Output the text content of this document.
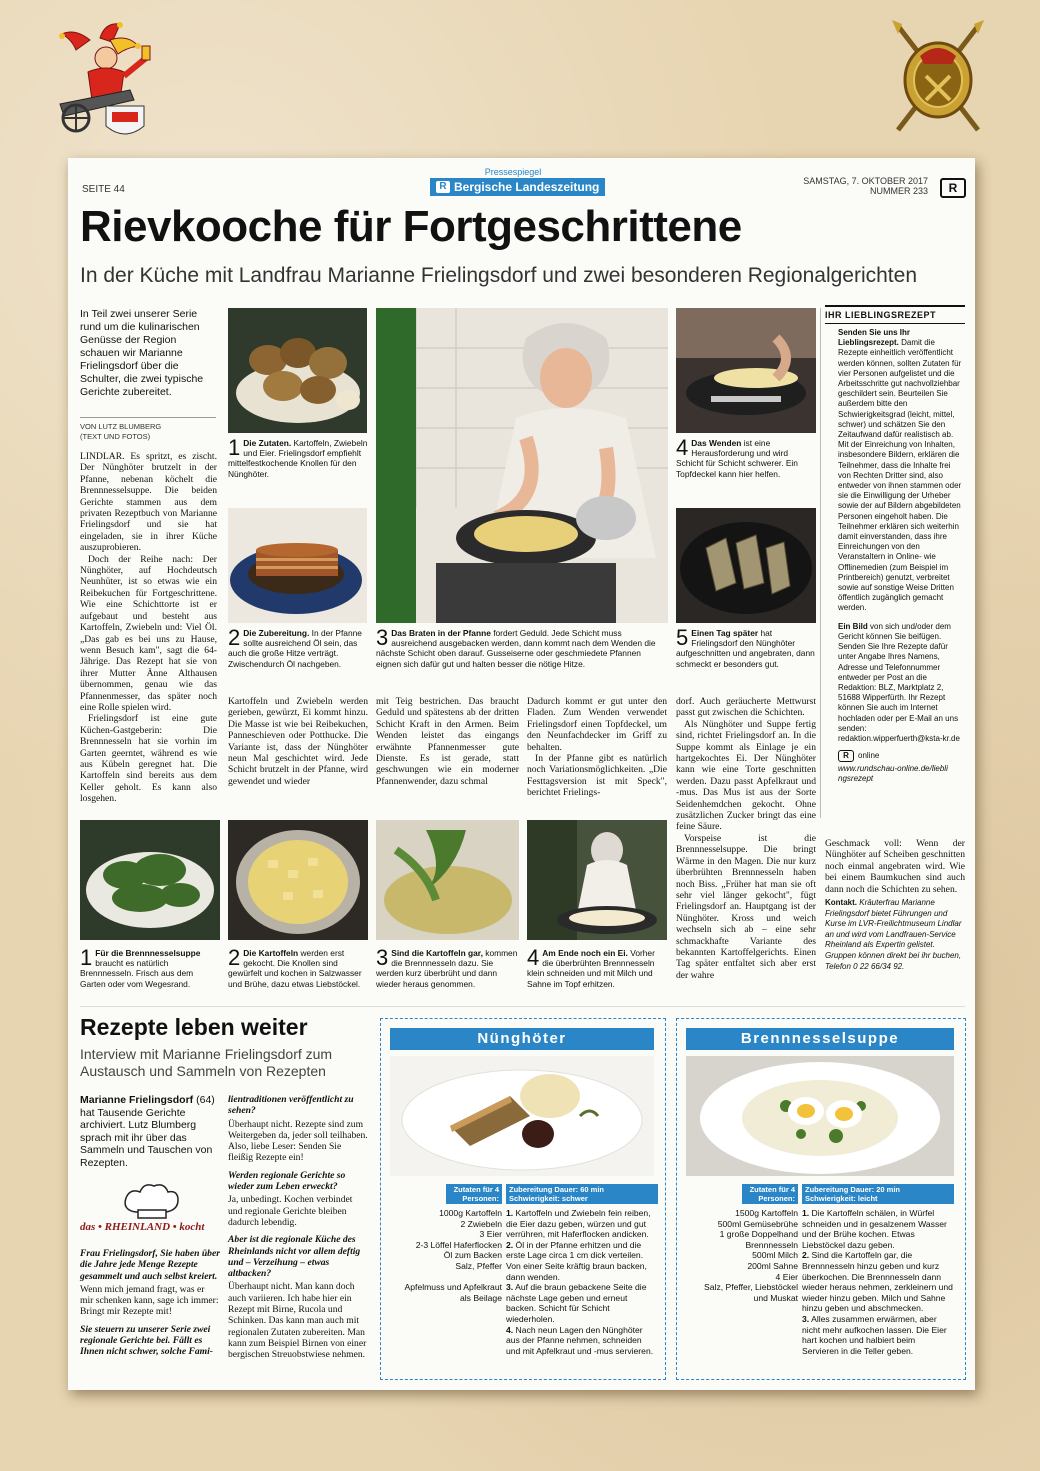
SEITE 44
Pressespiegel
R Bergische Landeszeitung	SAMSTAG, 7. OKTOBER 2017
NUMMER 233	R
Rievkooche für Fortgeschrittene
In der Küche mit Landfrau Marianne Frielingsdorf und zwei besonderen Regionalgerichten
In Teil zwei unserer Serie rund um die kulinarischen Genüsse der Region schauen wir Marianne Frielingsdorf über die Schulter, die zwei typische Gerichte zubereitet.
VON LUTZ BLUMBERG
(TEXT UND FOTOS)

LINDLAR. Es spritzt, es zischt. Der Nünghöter brutzelt in der Pfanne, nebenan köchelt die Brennnesselsuppe. Die beiden Gerichte stammen aus dem privaten Rezeptbuch von Marianne Frielingsdorf und sie hat eingeladen, sie in ihrer Küche auszuprobieren.

Doch der Reihe nach: Der Nünghöter, auf Hochdeutsch Neunhüter, ist so etwas wie ein Reibekuchen für Fortgeschrittene. Wie eine Schichttorte ist er aufgebaut und besteht aus Kartoffeln, Zwiebeln und: Viel Öl. „Das gab es bei uns zu Hause, wenn Besuch kam", sagt die 64-Jährige. Das Rezept hat sie von ihrer Mutter Änne Althausen übernommen, genau wie das Pfannenmesser, das später noch eine Rolle spielen wird.

Frielingsdorf ist eine gute Küchen-Gastgeberin: Die Brennnesseln hat sie vorhin im Garten geerntet, während es wie aus Kübeln geregnet hat. Die Kartoffeln sind bereits aus dem Keller geholt. Es kann also losgehen.

1 Die Zutaten. Kartoffeln, Zwiebeln und Eier. Frielingsdorf empfiehlt mittelfestkochende Knollen für den Nünghöter.
2 Die Zubereitung. In der Pfanne sollte ausreichend Öl sein, das auch die große Hitze verträgt. Zwischendurch Öl nachgeben.
3 Das Braten in der Pfanne fordert Geduld. Jede Schicht muss ausreichend ausgebacken werden, dann kommt nach dem Wenden die nächste Schicht oben darauf. Gusseiserne oder geschmiedete Pfannen eignen sich dafür gut und halten besser die nötige Hitze.
4 Das Wenden ist eine Herausforderung und wird Schicht für Schicht schwerer. Ein Topfdeckel kann hier helfen.
5 Einen Tag später hat Frielingsdorf den Nünghöter aufgeschnitten und angebraten, dann schmeckt er besonders gut.

Kartoffeln und Zwiebeln werden gerieben, gewürzt, Ei kommt hinzu. Die Masse ist wie bei Reibekuchen, Panneschieven oder Potthucke. Die Variante ist, dass der Nünghöter neun Mal geschichtet wird. Jede Schicht brutzelt in der Pfanne, wird gewendet und wieder

mit Teig bestrichen. Das braucht Geduld und spätestens ab der dritten Schicht Kraft in den Armen. Beim Wenden leistet das eingangs erwähnte Pfannenmesser gute Dienste. Es ist gerade, statt geschwungen wie ein moderner Pfannenwender, dazu schmal

Dadurch kommt er gut unter den Fladen. Zum Wenden verwendet Frielingsdorf einen Topfdeckel, um den Neunfachdecker im Griff zu behalten.

In der Pfanne gibt es natürlich noch Variationsmöglichkeiten. „Die Festtagsversion ist mit Speck", berichtet Frielings-

dorf. Auch geräucherte Mettwurst passt gut zwischen die Schichten.

Als Nünghöter und Suppe fertig sind, richtet Frielingsdorf an. In die Suppe kommt als Einlage je ein hartgekochtes Ei. Der Nünghöter kann wie eine Torte geschnitten werden. Dazu passt Apfelkraut und -mus. Das Mus ist aus der Sorte Seidenhemdchen gekocht. Ohne zusätzlichen Zucker bringt das eine feine Säure.

Vorspeise ist die Brennnesselsuppe. Die bringt Wärme in den Magen. Die nur kurz überbrühten Brennnesseln haben noch Biss. „Früher hat man sie oft sehr viel länger gekocht", fügt Frielingsdorf an. Hauptgang ist der Nünghöter. Kross und weich wechseln sich ab – eine sehr schmackhafte Variante des bekannten Kartoffelgerichts. Einen Tag später entfaltet sich aber erst der wahre

1 Für die Brennnesselsuppe braucht es natürlich Brennnesseln. Frisch aus dem Garten oder vom Wegesrand.
2 Die Kartoffeln werden erst gekocht. Die Knollen sind gewürfelt und kochen in Salzwasser und Brühe, dazu etwas Liebstöckel.
3 Sind die Kartoffeln gar, kommen die Brennnesseln dazu. Sie werden kurz überbrüht und dann wieder heraus genommen.
4 Am Ende noch ein Ei. Vorher die überbrühten Brennnesseln klein schneiden und mit Milch und Sahne im Topf erhitzen.

Geschmack voll: Wenn der Nünghöter auf Scheiben geschnitten noch einmal angebraten wird. Wie bei einem Baumkuchen sind auch dann noch die Schichten zu sehen.

Kontakt. Kräuterfrau Marianne Frielingsdorf bietet Führungen und Kurse im LVR-Freilichtmuseum Lindlar an und wird vom Landfrauen-Service Rheinland als Expertin gelistet. Gruppen können direkt bei ihr buchen, Telefon 0 22 66/34 92.
IHR LIEBLINGSREZEPT
Senden Sie uns Ihr Lieblingsrezept. Damit die Rezepte einheitlich veröffentlicht werden können, sollten Zutaten für vier Personen aufgelistet und die Arbeitsschritte gut nachvollziehbar geschildert sein. Beurteilen Sie außerdem bitte den Schwierigkeitsgrad (leicht, mittel, schwer) und schätzen Sie den Zeitaufwand dafür realistisch ab. Mit der Einreichung von Inhalten, insbesondere Bildern, erklären die Teilnehmer, dass die Inhalte frei von Rechten Dritter sind, also entweder von ihnen stammen oder sie die Einwilligung der Urheber sowie der auf Bildern abgebildeten Personen eingeholt haben. Die Teilnehmer erklären sich weiterhin damit einverstanden, dass ihre Einreichungen von den Veranstaltern in Online- wie Offlinemedien (zum Beispiel im Printbereich) genutzt, verbreitet sowie auf sonstige Weise Dritten öffentlich zugänglich gemacht werden.
Ein Bild von sich und/oder dem Gericht können Sie beifügen. Senden Sie Ihre Rezepte dafür unter Angabe Ihres Namens, Adresse und Telefonnummer entweder per Post an die Redaktion: BLZ, Marktplatz 2, 51688 Wipperfürth. Ihr Rezept können Sie auch im Internet hochladen oder per E-Mail an uns senden: redaktion.wipperfuerth@ksta-kr.de
R	online
www.rundschau-online.de/lieblingsrezept
Rezepte leben weiter
Interview mit Marianne Frielingsdorf zum Austausch und Sammeln von Rezepten

Marianne Frielingsdorf (64) hat Tausende Gerichte archiviert. Lutz Blumberg sprach mit ihr über das Sammeln und Tauschen von Rezepten.

das • RHEINLAND • kocht

Frau Frielingsdorf, Sie haben über die Jahre jede Menge Rezepte gesammelt und auch selbst kreiert.

Wenn mich jemand fragt, was er mir schenken kann, sage ich immer: Bringt mir Rezepte mit!

Sie steuern zu unserer Serie zwei regionale Gerichte bei. Fällt es Ihnen nicht schwer, solche Fami-

lientraditionen veröffentlicht zu sehen?

Überhaupt nicht. Rezepte sind zum Weitergeben da, jeder soll teilhaben. Also, liebe Leser: Senden Sie fleißig Rezepte ein!

Werden regionale Gerichte so wieder zum Leben erweckt?

Ja, unbedingt. Kochen verbindet und regionale Gerichte bleiben dadurch lebendig.

Aber ist die regionale Küche des Rheinlands nicht vor allem deftig und – Verzeihung – etwas altbacken?

Überhaupt nicht. Man kann doch auch variieren. Ich habe hier ein Rezept mit Birne, Rucola und Schinken. Das kann man auch mit regionalen Zutaten zubereiten. Man kann zum Beispiel Birnen von einer bergischen Streuobstwiese nehmen.

Nünghöter
Zutaten für 4 Personen:
Zubereitung Dauer: 60 min Schwierigkeit: schwer
1000g Kartoffeln
2 Zwiebeln
3 Eier
2-3 Löffel Haferflocken
Öl zum Backen
Salz, Pfeffer

Apfelmuss und Apfelkraut
als Beilage
1. Kartoffeln und Zwiebeln fein reiben, die Eier dazu geben, würzen und gut verrühren, mit Haferflocken andicken.
2. Öl in der Pfanne erhitzen und die erste Lage circa 1 cm dick verteilen. Von einer Seite kräftig braun backen, dann wenden.
3. Auf die braun gebackene Seite die nächste Lage geben und erneut backen. Schicht für Schicht wiederholen.
4. Nach neun Lagen den Nünghöter aus der Pfanne nehmen, schneiden und mit Apfelkraut und -mus servieren.
Brennnesselsuppe
Zutaten für 4 Personen:
Zubereitung Dauer: 20 min Schwierigkeit: leicht
1500g Kartoffeln
500ml Gemüsebrühe
1 große Doppelhand
Brennnesseln
500ml Milch
200ml Sahne
4 Eier
Salz, Pfeffer, Liebstöckel
und Muskat
1. Die Kartoffeln schälen, in Würfel schneiden und in gesalzenem Wasser und der Brühe kochen. Etwas Liebstöckel dazu geben.
2. Sind die Kartoffeln gar, die Brennnesseln hinzu geben und kurz überkochen. Die Brennnesseln dann wieder heraus nehmen, zerkleinern und wieder hinzu geben. Milch und Sahne hinzu geben und abschmecken.
3. Alles zusammen erwärmen, aber nicht mehr aufkochen lassen. Die Eier hart kochen und halbiert beim Servieren in die Teller geben.
